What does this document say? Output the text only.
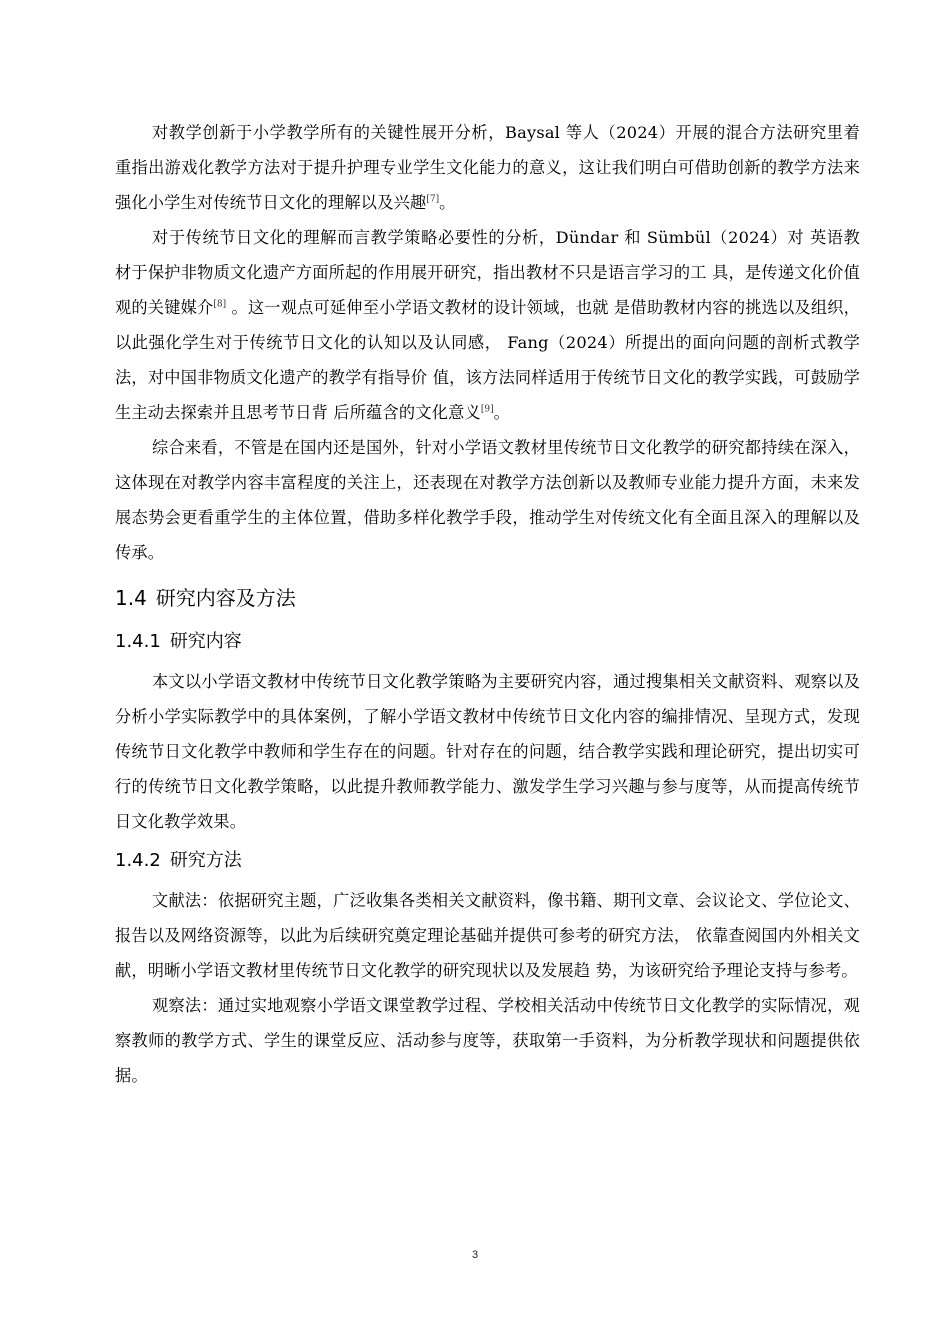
对教学创新于小学教学所有的关键性展开分析，Baysal 等人（2024）开展的混合方法研究里着重指出游戏化教学方法对于提升护理专业学生文化能力的意义，这让我们明白可借助创新的教学方法来强化小学生对传统节日文化的理解以及兴趣[7]。

对于传统节日文化的理解而言教学策略必要性的分析，Dündar 和 Sümbül（2024）对 英语教材于保护非物质文化遗产方面所起的作用展开研究，指出教材不只是语言学习的工 具，是传递文化价值观的关键媒介[8] 。这一观点可延伸至小学语文教材的设计领域，也就 是借助教材内容的挑选以及组织，以此强化学生对于传统节日文化的认知以及认同感， Fang（2024）所提出的面向问题的剖析式教学法，对中国非物质文化遗产的教学有指导价 值，该方法同样适用于传统节日文化的教学实践，可鼓励学生主动去探索并且思考节日背 后所蕴含的文化意义[9]。

综合来看，不管是在国内还是国外，针对小学语文教材里传统节日文化教学的研究都持续在深入，这体现在对教学内容丰富程度的关注上，还表现在对教学方法创新以及教师专业能力提升方面，未来发展态势会更看重学生的主体位置，借助多样化教学手段，推动学生对传统文化有全面且深入的理解以及传承。

1.4 研究内容及方法
1.4.1 研究内容

本文以小学语文教材中传统节日文化教学策略为主要研究内容，通过搜集相关文献资料、观察以及分析小学实际教学中的具体案例，了解小学语文教材中传统节日文化内容的编排情况、呈现方式，发现传统节日文化教学中教师和学生存在的问题。针对存在的问题，结合教学实践和理论研究，提出切实可行的传统节日文化教学策略，以此提升教师教学能力、激发学生学习兴趣与参与度等，从而提高传统节日文化教学效果。

1.4.2 研究方法

文献法：依据研究主题，广泛收集各类相关文献资料，像书籍、期刊文章、会议论文、学位论文、报告以及网络资源等，以此为后续研究奠定理论基础并提供可参考的研究方法， 依靠查阅国内外相关文献，明晰小学语文教材里传统节日文化教学的研究现状以及发展趋 势，为该研究给予理论支持与参考。

观察法：通过实地观察小学语文课堂教学过程、学校相关活动中传统节日文化教学的实际情况，观察教师的教学方式、学生的课堂反应、活动参与度等，获取第一手资料，为分析教学现状和问题提供依据。

3
